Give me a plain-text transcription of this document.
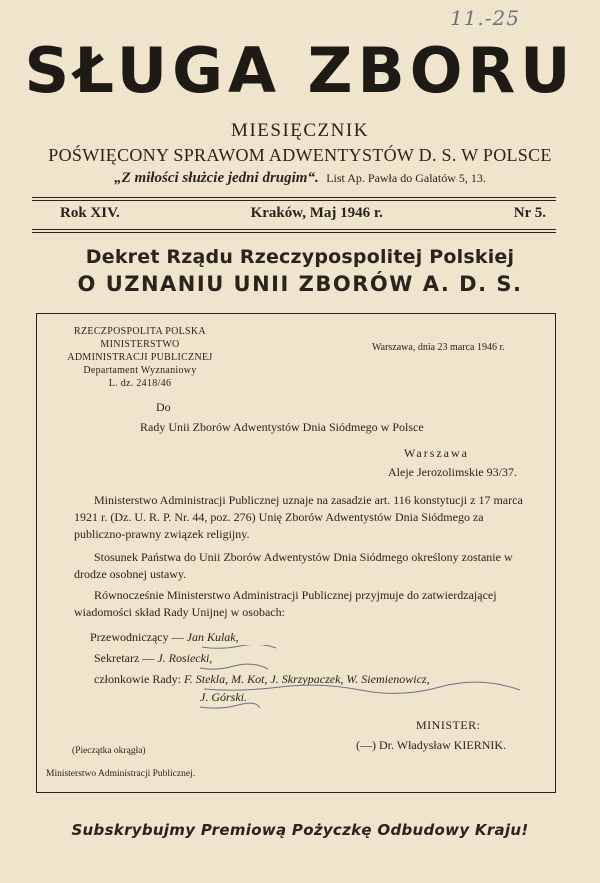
11.-25
SŁUGA ZBORU
MIESIĘCZNIK
POŚWIĘCONY SPRAWOM ADWENTYSTÓW D. S. W POLSCE
„Z miłości służcie jedni drugim“. List Ap. Pawła do Galatów 5, 13.
Rok XIV.	Kraków, Maj 1946 r.	Nr 5.
Dekret Rządu Rzeczypospolitej Polskiej
O UZNANIU UNII ZBORÓW A. D. S.
RZECZPOSPOLITA POLSKA
MINISTERSTWO
ADMINISTRACJI PUBLICZNEJ
Departament Wyznaniowy
L. dz. 2418/46
Warszawa, dnia 23 marca 1946 r.
Do
Rady Unii Zborów Adwentystów Dnia Siódmego w Polsce
Warszawa
Aleje Jerozolimskie 93/37.
Ministerstwo Administracji Publicznej uznaje na zasadzie art. 116 konstytucji z 17 marca 1921 r. (Dz. U. R. P. Nr. 44, poz. 276) Unię Zborów Adwentystów Dnia Siódmego za publiczno-prawny związek religijny.
Stosunek Państwa do Unii Zborów Adwentystów Dnia Siódmego określony zostanie w drodze osobnej ustawy.
Równocześnie Ministerstwo Administracji Publicznej przyjmuje do zatwierdzającej wiadomości skład Rady Unijnej w osobach:
Przewodniczący — Jan Kulak,
Sekretarz — J. Rosiecki,
członkowie Rady: F. Stekla, M. Kot, J. Skrzypaczek, W. Siemienowicz,
J. Górski.
MINISTER:
(—) Dr. Władysław KIERNIK.
(Pieczątka okrągła)
Ministerstwo Administracji Publicznej.
Subskrybujmy Premiową Pożyczkę Odbudowy Kraju!
